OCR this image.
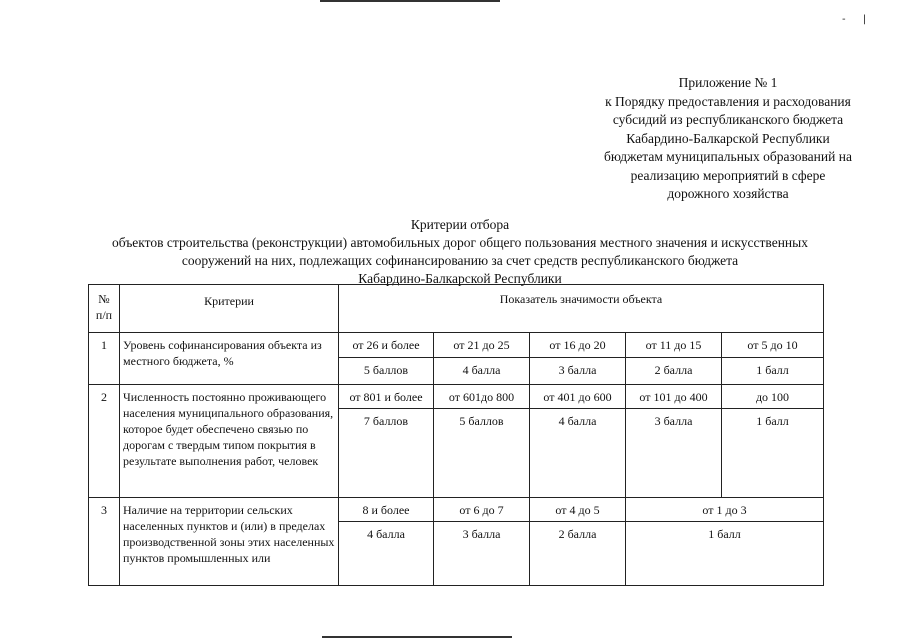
-        |
Приложение № 1
к Порядку предоставления и расходования
субсидий из республиканского бюджета
Кабардино-Балкарской Республики
бюджетам муниципальных образований на
реализацию мероприятий в сфере
дорожного хозяйства
Критерии отбора
объектов строительства (реконструкции) автомобильных дорог общего пользования местного значения и искусственных
сооружений на них, подлежащих софинансированию за счет средств республиканского бюджета
Кабардино-Балкарской Республики
№ п/п	Критерии	Показатель значимости объекта				
1	Уровень софинансирования объекта из местного бюджета, %	от 26 и более	от 21 до 25	от 16 до 20	от 11 до 15	от 5 до 10
		5 баллов	4 балла	3 балла	2 балла	1 балл
2	Численность постоянно проживающего населения муниципального образования, которое будет обеспечено связью по дорогам с твердым типом покрытия в результате выполнения работ, человек	от 801 и более	от 601до 800	от 401 до 600	от 101 до 400	до 100
		7 баллов	5 баллов	4 балла	3 балла	1 балл
3	Наличие на территории сельских населенных пунктов и (или) в пределах производственной зоны этих населенных пунктов промышленных или	8 и более	от 6 до 7	от 4 до 5	от 1 до 3	
		4 балла	3 балла	2 балла	1 балл	
